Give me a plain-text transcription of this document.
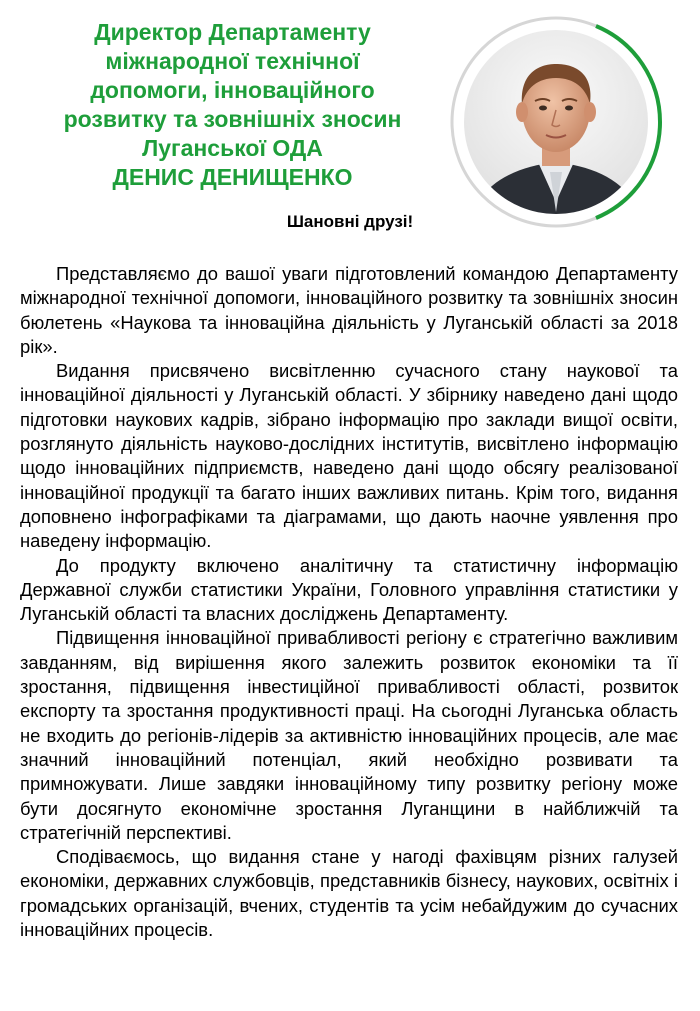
Директор Департаменту
міжнародної технічної
допомоги, інноваційного
розвитку та зовнішніх зносин
Луганської ОДА
ДЕНИС ДЕНИЩЕНКО

Шановні друзі!

Представляємо до вашої уваги підготовлений командою Департаменту міжнародної технічної допомоги, інноваційного розвитку та зовнішніх зносин бюлетень «Наукова та інноваційна діяльність у Луганській області за 2018 рік».

Видання присвячено висвітленню сучасного стану наукової та інноваційної діяльності у Луганській області. У збірнику наведено дані щодо підготовки наукових кадрів, зібрано інформацію про заклади вищої освіти, розглянуто діяльність науково-дослідних інститутів, висвітлено інформацію щодо інноваційних підприємств, наведено дані щодо обсягу реалізованої інноваційної продукції та багато інших важливих питань. Крім того, видання доповнено інфографіками та діаграмами, що дають наочне уявлення про наведену інформацію.

До продукту включено аналітичну та статистичну інформацію Державної служби статистики України, Головного управління статистики у Луганській області та власних досліджень Департаменту.

Підвищення інноваційної привабливості регіону є стратегічно важливим завданням, від вирішення якого залежить розвиток економіки та її зростання, підвищення інвестиційної привабливості області, розвиток експорту та зростання продуктивності праці. На сьогодні Луганська область не входить до регіонів-лідерів за активністю інноваційних процесів, але має значний інноваційний потенціал, який необхідно розвивати та примножувати. Лише завдяки інноваційному типу розвитку регіону може бути досягнуто економічне зростання Луганщини в найближчій та стратегічній перспективі.

Сподіваємось, що видання стане у нагоді фахівцям різних галузей економіки, державних службовців, представників бізнесу, наукових, освітніх і громадських організацій, вчених, студентів та усім небайдужим до сучасних інноваційних процесів.
